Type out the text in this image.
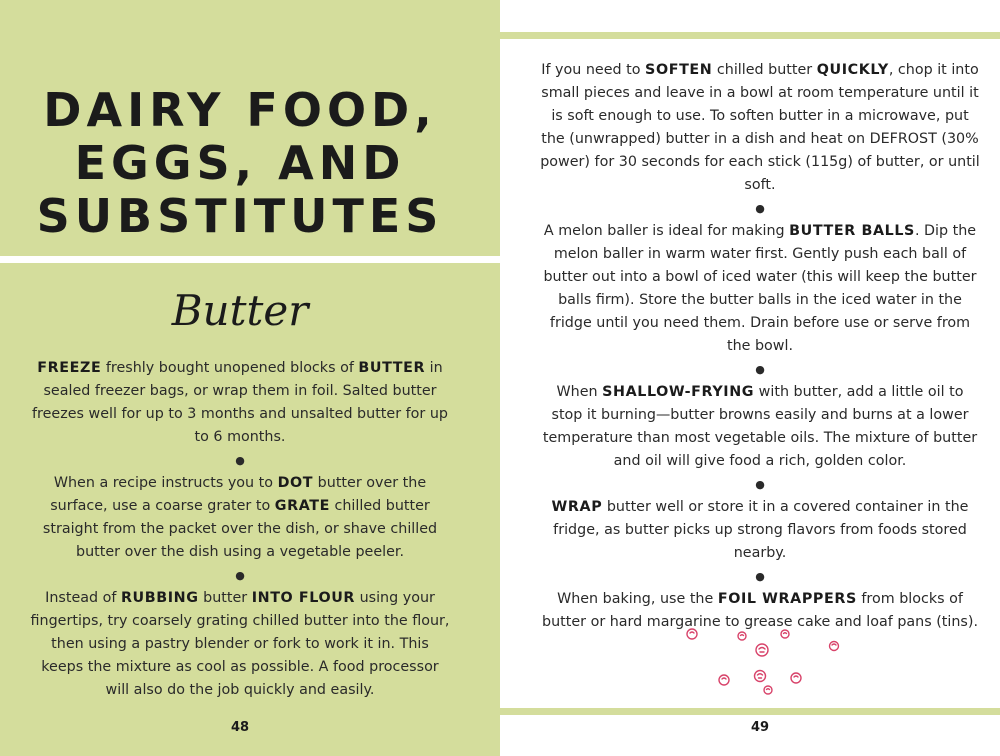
DAIRY FOOD,
EGGS, AND
SUBSTITUTES
Butter

FREEZE freshly bought unopened blocks of BUTTER in sealed freezer bags, or wrap them in foil. Salted butter freezes well for up to 3 months and unsalted butter for up to 6 months.

●

When a recipe instructs you to DOT butter over the surface, use a coarse grater to GRATE chilled butter straight from the packet over the dish, or shave chilled butter over the dish using a vegetable peeler.

●

Instead of RUBBING butter INTO FLOUR using your fingertips, try coarsely grating chilled butter into the flour, then using a pastry blender or fork to work it in. This keeps the mixture as cool as possible. A food processor will also do the job quickly and easily.

48

If you need to SOFTEN chilled butter QUICKLY, chop it into small pieces and leave in a bowl at room temperature until it is soft enough to use. To soften butter in a microwave, put the (unwrapped) butter in a dish and heat on DEFROST (30% power) for 30 seconds for each stick (115g) of butter, or until soft.

●

A melon baller is ideal for making BUTTER BALLS. Dip the melon baller in warm water first. Gently push each ball of butter out into a bowl of iced water (this will keep the butter balls firm). Store the butter balls in the iced water in the fridge until you need them. Drain before use or serve from the bowl.

●

When SHALLOW-FRYING with butter, add a little oil to stop it burning—butter browns easily and burns at a lower temperature than most vegetable oils. The mixture of butter and oil will give food a rich, golden color.

●

WRAP butter well or store it in a covered container in the fridge, as butter picks up strong flavors from foods stored nearby.

●

When baking, use the FOIL WRAPPERS from blocks of butter or hard margarine to grease cake and loaf pans (tins).

49
